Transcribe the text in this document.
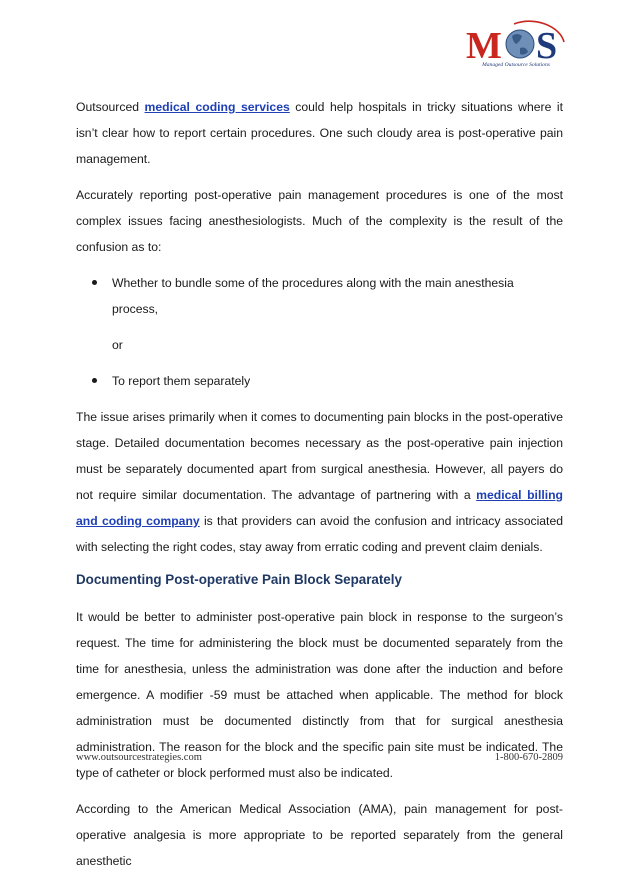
M S
Managed Outsource Solutions

Outsourced medical coding services could help hospitals in tricky situations where it isn’t clear how to report certain procedures. One such cloudy area is post-operative pain management.

Accurately reporting post-operative pain management procedures is one of the most complex issues facing anesthesiologists. Much of the complexity is the result of the confusion as to:

Whether to bundle some of the procedures along with the main anesthesia process,
or
To report them separately

The issue arises primarily when it comes to documenting pain blocks in the post-operative stage. Detailed documentation becomes necessary as the post-operative pain injection must be separately documented apart from surgical anesthesia. However, all payers do not require similar documentation. The advantage of partnering with a medical billing and coding company is that providers can avoid the confusion and intricacy associated with selecting the right codes, stay away from erratic coding and prevent claim denials.

Documenting Post-operative Pain Block Separately

It would be better to administer post-operative pain block in response to the surgeon’s request. The time for administering the block must be documented separately from the time for anesthesia, unless the administration was done after the induction and before emergence. A modifier -59 must be attached when applicable. The method for block administration must be documented distinctly from that for surgical anesthesia administration. The reason for the block and the specific pain site must be indicated. The type of catheter or block performed must also be indicated.

According to the American Medical Association (AMA), pain management for post-operative analgesia is more appropriate to be reported separately from the general anesthetic

www.outsourcestrategies.com	1-800-670-2809
